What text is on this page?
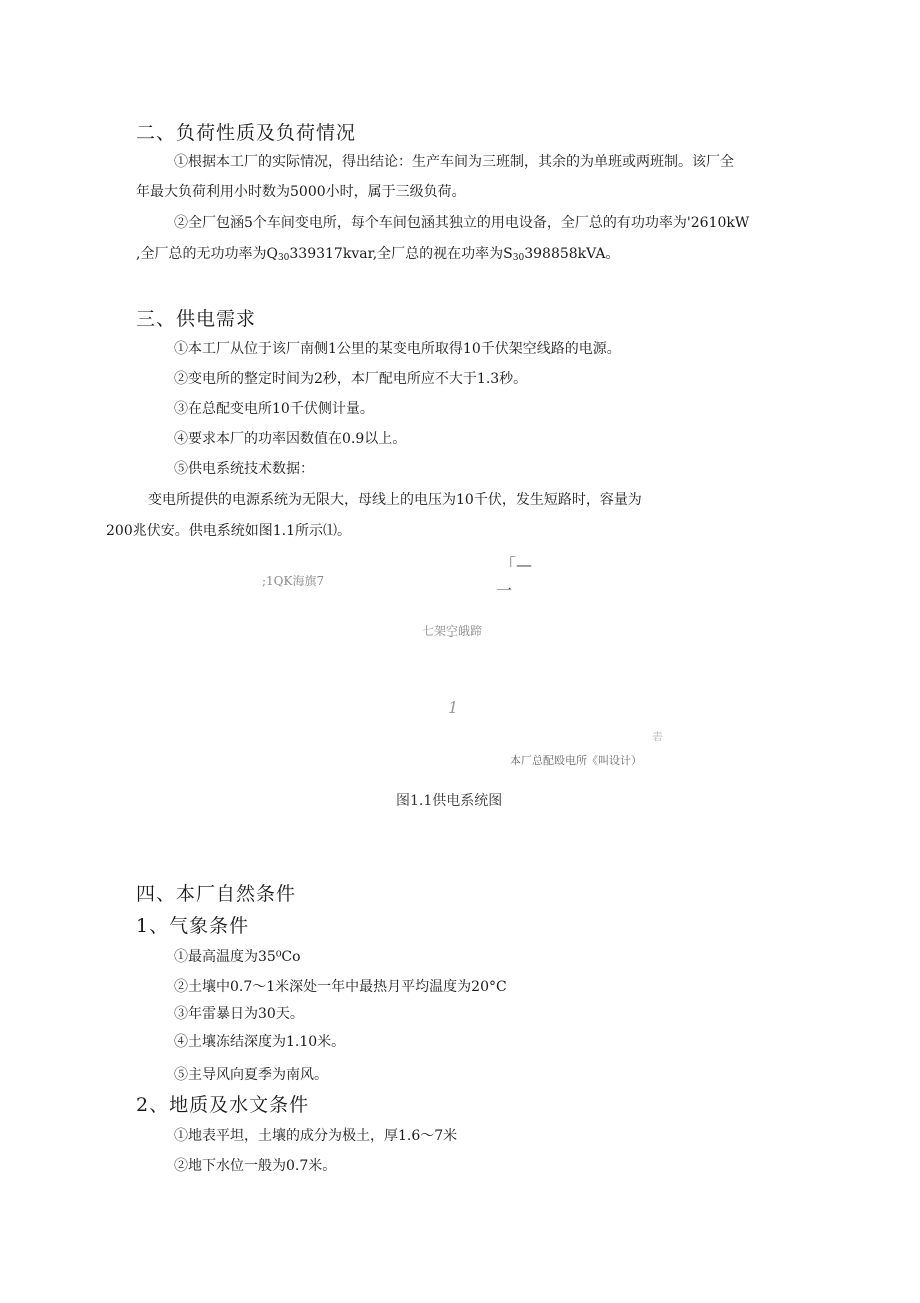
二、负荷性质及负荷情况
①根据本工厂的实际情况，得出结论：生产车间为三班制，其余的为单班或两班制。该厂全
年最大负荷利用小时数为5000小时，属于三级负荷。
②全厂包涵5个车间变电所，每个车间包涵其独立的用电设备，全厂总的有功功率为'2610kW
,全厂总的无功功率为$Q_{30}339317kvar$,全厂总的视在功率为$S_{30}398858kVA$。
三、供电需求
①本工厂从位于该厂南侧1公里的某变电所取得10千伏架空线路的电源。
②变电所的整定时间为2秒，本厂配电所应不大于1.3秒。
③在总配变电所10千伏侧计量。
④要求本厂的功率因数值在0.9以上。
⑤供电系统技术数据：
变电所提供的电源系统为无限大，母线上的电压为10千伏，发生短路时，容量为
200兆伏安。供电系统如图1.1所示⑴。
;1QK海旗7
「—
一
七架空皒蹄
ˉ
1
砉
本厂总配殴电所《叫设计）
图1.1供电系统图
四、本厂自然条件
1、气象条件
①最高温度为35⁰Co
②土壤中0.7～1米深处一年中最热月平均温度为20°C
③年雷暴日为30天。
④土壤冻结深度为1.10米。
⑤主导风向夏季为南风。
2、地质及水文条件
①地表平坦，土壤的成分为极土，厚1.6～7米
②地下水位一般为0.7米。
